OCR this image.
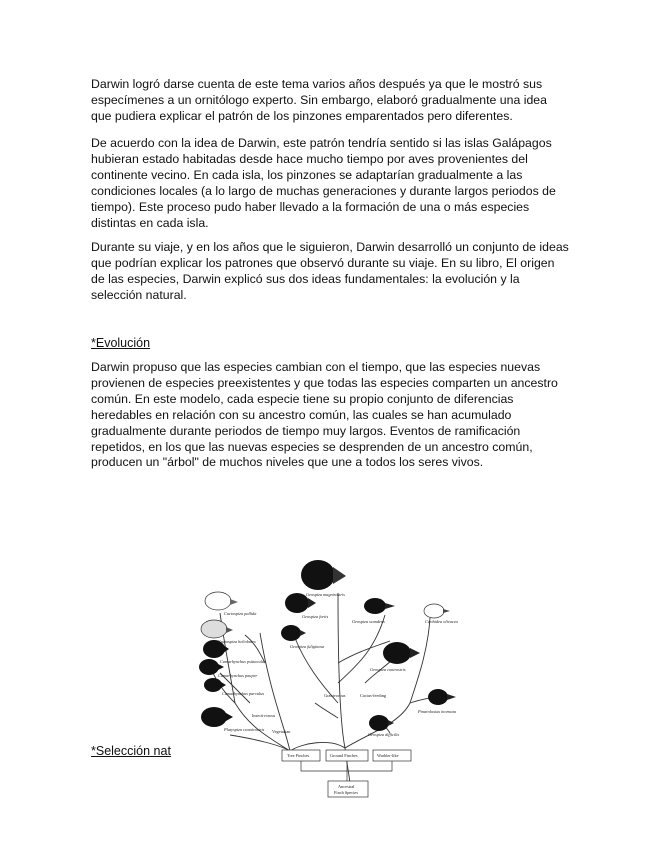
Darwin logró darse cuenta de este tema varios años después ya que le mostró sus especímenes a un ornitólogo experto. Sin embargo, elaboró gradualmente una idea que pudiera explicar el patrón de los pinzones emparentados pero diferentes.

De acuerdo con la idea de Darwin, este patrón tendría sentido si las islas Galápagos hubieran estado habitadas desde hace mucho tiempo por aves provenientes del continente vecino. En cada isla, los pinzones se adaptarían gradualmente a las condiciones locales (a lo largo de muchas generaciones y durante largos periodos de tiempo). Este proceso pudo haber llevado a la formación de una o más especies distintas en cada isla.

Durante su viaje, y en los años que le siguieron, Darwin desarrolló un conjunto de ideas que podrían explicar los patrones que observó durante su viaje. En su libro, El origen de las especies, Darwin explicó sus dos ideas fundamentales: la evolución y la selección natural.

*Evolución

Darwin propuso que las especies cambian con el tiempo, que las especies nuevas provienen de especies preexistentes y que todas las especies comparten un ancestro común. En este modelo, cada especie tiene su propio conjunto de diferencias heredables en relación con su ancestro común, las cuales se han acumulado gradualmente durante periodos de tiempo muy largos. Eventos de ramificación repetidos, en los que las nuevas especies se desprenden de un ancestro común, producen un "árbol" de muchos niveles que une a todos los seres vivos.

*Selección nat

Cactospiza pallida
Cactospiza heliobates
Camarhynchus psittacula
Camarhynchus pauper
Camarhynchus parvulus
Platyspiza crassirostris
Geospiza magnirostris
Geospiza fortis
Geospiza fuliginosa
Geospiza scandens
Geospiza conirostris
Geospiza difficilis
Certhidea olivacea
Pinaroloxias inornata
Insectivorous
Vegetarian
Granivorous	Cactus-feeding
Tree Finches	Ground Finches	Warbler-like
Ancestral
Finch Species
